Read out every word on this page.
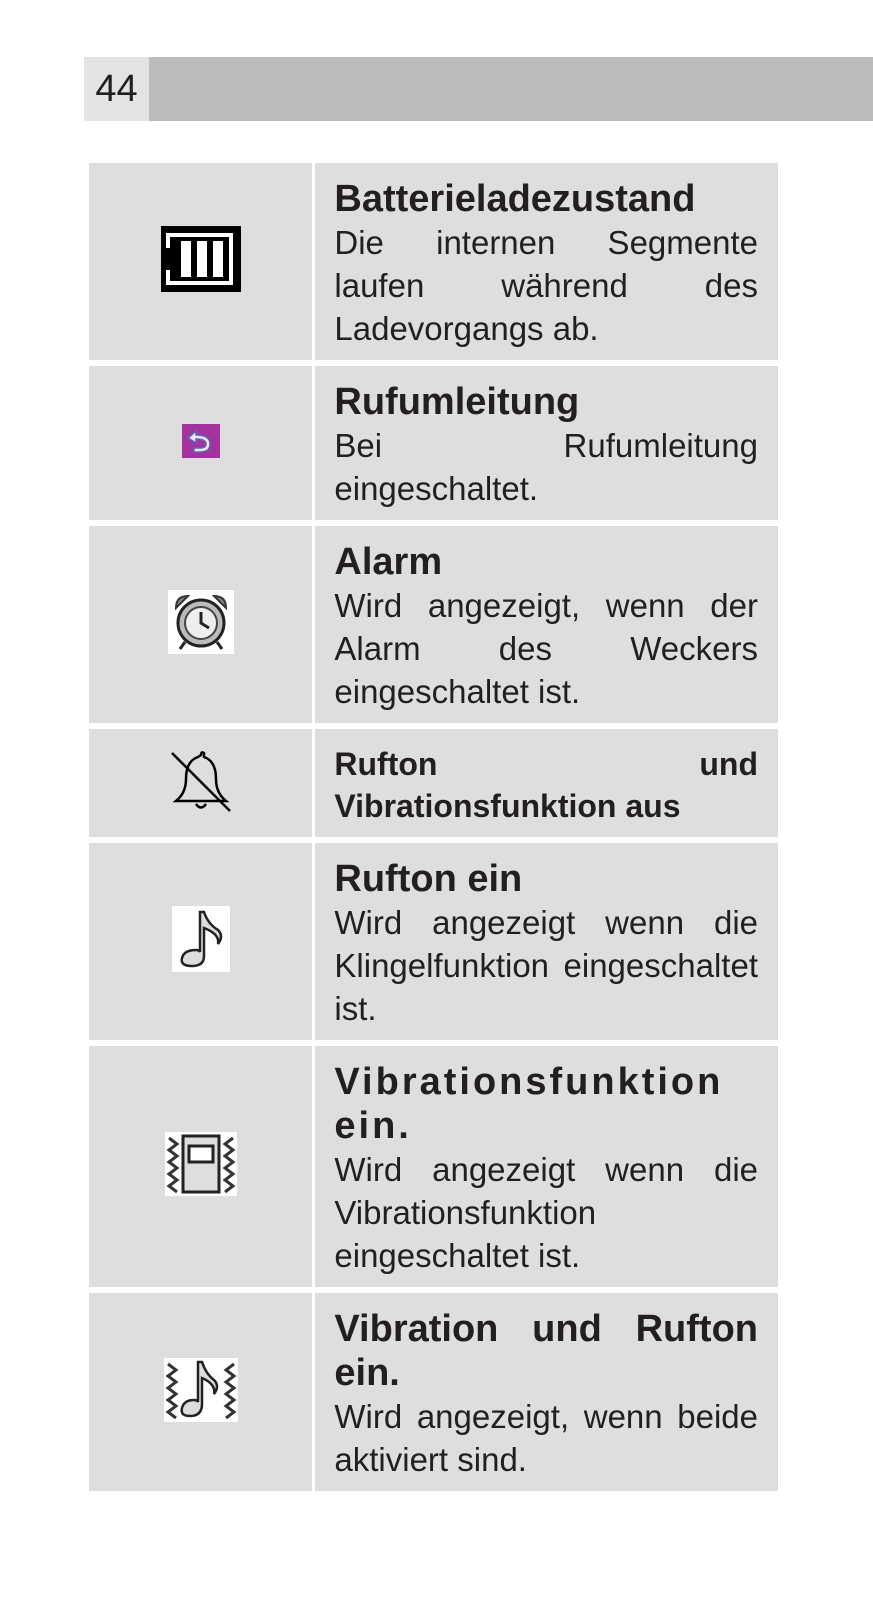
44

Batterieladezustand
Die internen Segmente laufen während des Ladevorgangs ab.

Rufumleitung
Bei Rufumleitung eingeschaltet.

Alarm
Wird angezeigt, wenn der Alarm des Weckers eingeschaltet ist.

Rufton und Vibrationsfunktion aus

Rufton ein
Wird angezeigt wenn die Klingelfunktion eingeschaltet ist.

Vibrationsfunktion ein.
Wird angezeigt wenn die Vibrationsfunktion eingeschaltet ist.

Vibration und Rufton ein.
Wird angezeigt, wenn beide aktiviert sind.
